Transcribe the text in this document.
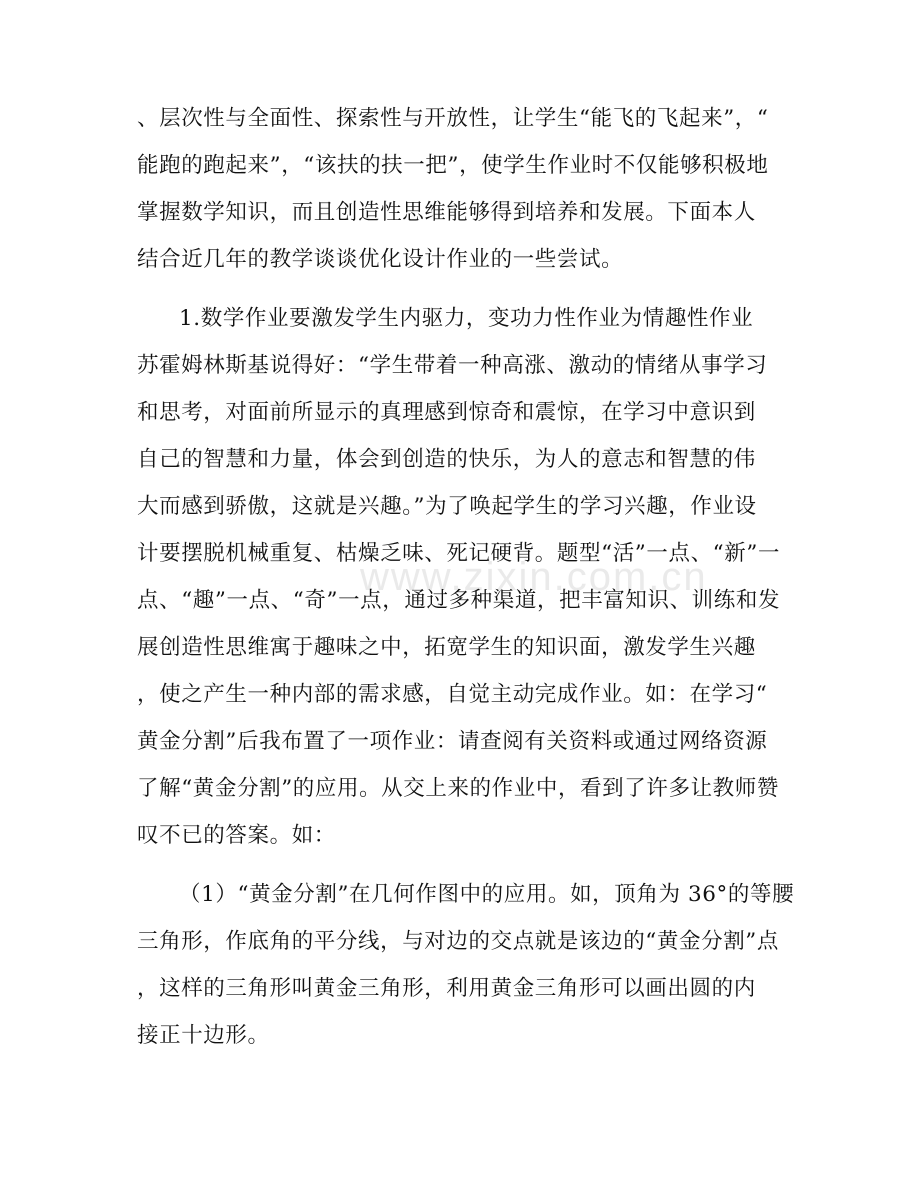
www.zixin.com.cn
、层次性与全面性、探索性与开放性，让学生“能飞的飞起来”，“
能跑的跑起来”，“该扶的扶一把”，使学生作业时不仅能够积极地
掌握数学知识，而且创造性思维能够得到培养和发展。下面本人
结合近几年的教学谈谈优化设计作业的一些尝试。
1.数学作业要激发学生内驱力，变功力性作业为情趣性作业
苏霍姆林斯基说得好：“学生带着一种高涨、激动的情绪从事学习
和思考，对面前所显示的真理感到惊奇和震惊，在学习中意识到
自己的智慧和力量，体会到创造的快乐，为人的意志和智慧的伟
大而感到骄傲，这就是兴趣。”为了唤起学生的学习兴趣，作业设
计要摆脱机械重复、枯燥乏味、死记硬背。题型“活”一点、“新”一
点、“趣”一点、“奇”一点，通过多种渠道，把丰富知识、训练和发
展创造性思维寓于趣味之中，拓宽学生的知识面，激发学生兴趣
，使之产生一种内部的需求感，自觉主动完成作业。如：在学习“
黄金分割”后我布置了一项作业：请查阅有关资料或通过网络资源
了解“黄金分割”的应用。从交上来的作业中，看到了许多让教师赞
叹不已的答案。如：
（1）“黄金分割”在几何作图中的应用。如，顶角为 36°的等腰
三角形，作底角的平分线，与对边的交点就是该边的“黄金分割”点
，这样的三角形叫黄金三角形，利用黄金三角形可以画出圆的内
接正十边形。
